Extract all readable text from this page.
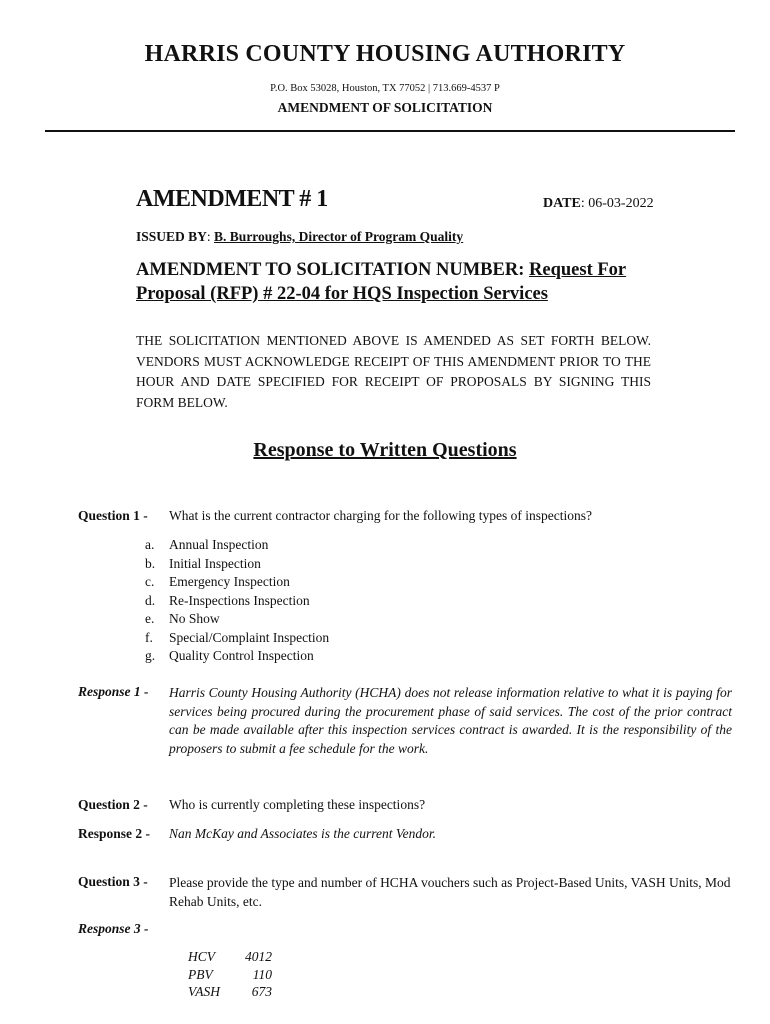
HARRIS COUNTY HOUSING AUTHORITY
P.O. Box 53028, Houston, TX 77052 | 713.669-4537 P
AMENDMENT OF SOLICITATION
AMENDMENT # 1	DATE: 06-03-2022
ISSUED BY: B. Burroughs, Director of Program Quality
AMENDMENT TO SOLICITATION NUMBER: Request For Proposal (RFP) # 22-04 for HQS Inspection Services
THE SOLICITATION MENTIONED ABOVE IS AMENDED AS SET FORTH BELOW. VENDORS MUST ACKNOWLEDGE RECEIPT OF THIS AMENDMENT PRIOR TO THE HOUR AND DATE SPECIFIED FOR RECEIPT OF PROPOSALS BY SIGNING THIS FORM BELOW.
Response to Written Questions
Question 1 - What is the current contractor charging for the following types of inspections?
a.	Annual Inspection
b.	Initial Inspection
c.	Emergency Inspection
d.	Re-Inspections Inspection
e.	No Show
f.	Special/Complaint Inspection
g.	Quality Control Inspection
Response 1 - Harris County Housing Authority (HCHA) does not release information relative to what it is paying for services being procured during the procurement phase of said services. The cost of the prior contract can be made available after this inspection services contract is awarded. It is the responsibility of the proposers to submit a fee schedule for the work.
Question 2 - Who is currently completing these inspections?
Response 2 - Nan McKay and Associates is the current Vendor.
Question 3 - Please provide the type and number of HCHA vouchers such as Project-Based Units, VASH Units, Mod Rehab Units, etc.
Response 3 -
HCV	4012
PBV	110
VASH	673
